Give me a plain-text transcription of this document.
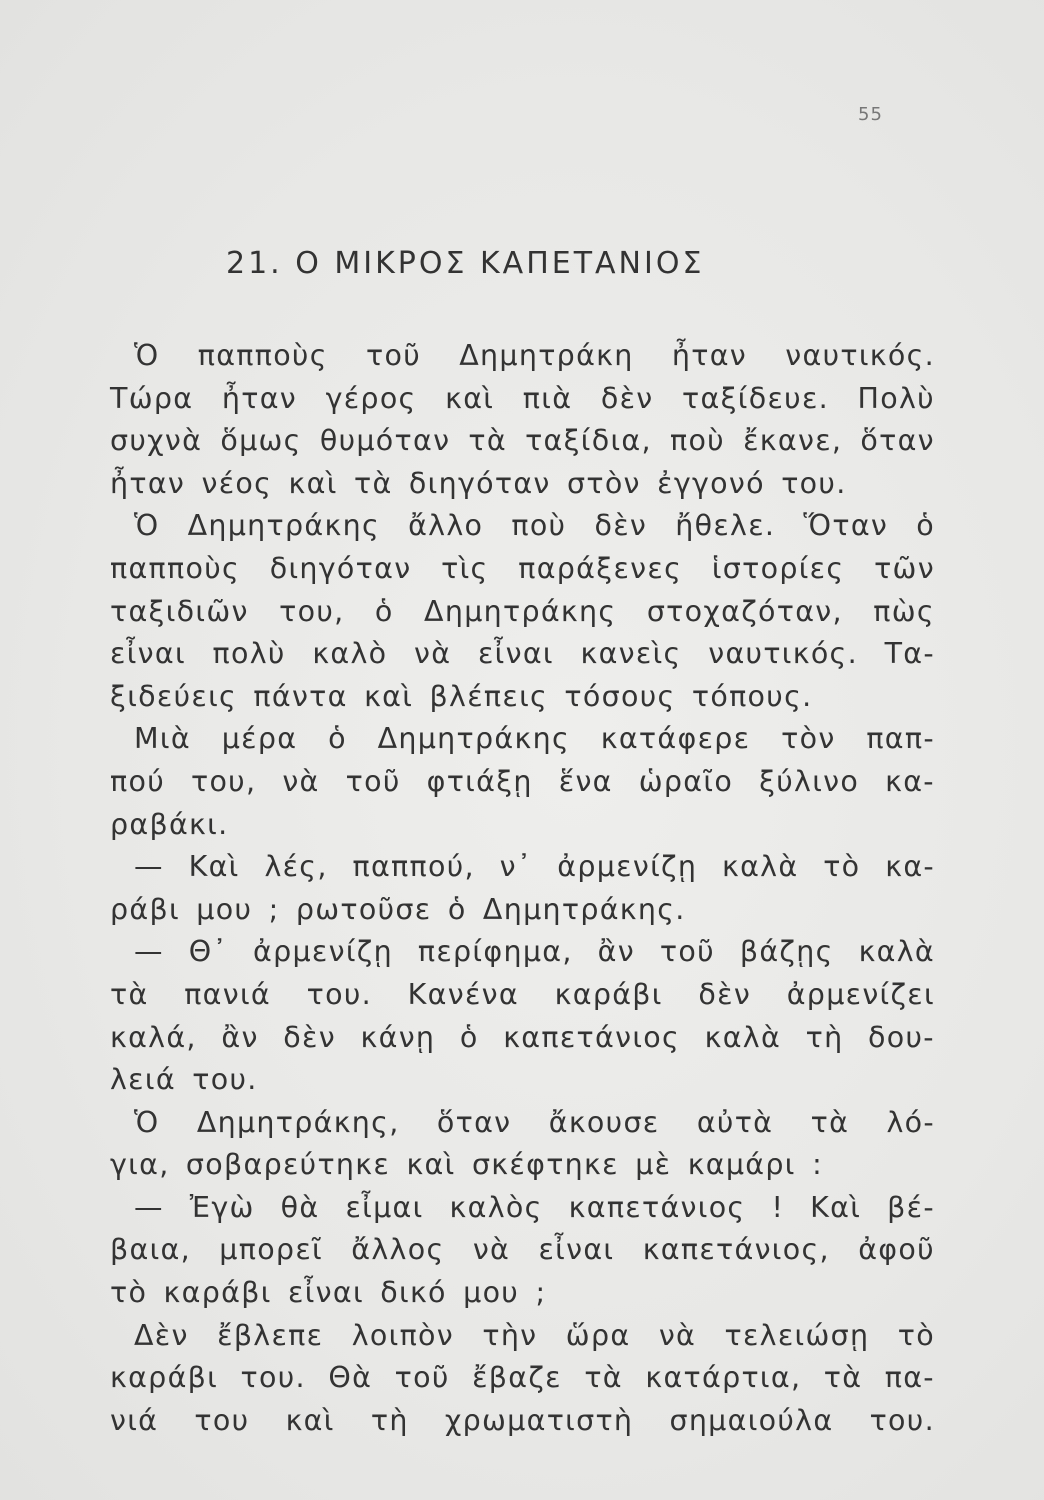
55
21. Ο ΜΙΚΡΟΣ ΚΑΠΕΤΑΝΙΟΣ
Ὁ παπποὺς τοῦ Δημητράκη ἦταν ναυτικός.
Τώρα ἦταν γέρος καὶ πιὰ δὲν ταξίδευε. Πολὺ
συχνὰ ὅμως θυμόταν τὰ ταξίδια, ποὺ ἔκανε, ὅταν
ἦταν νέος καὶ τὰ διηγόταν στὸν ἐγγονό του.
Ὁ Δημητράκης ἄλλο ποὺ δὲν ἤθελε. Ὅταν ὁ
παπποὺς διηγόταν τὶς παράξενες ἱστορίες τῶν
ταξιδιῶν του, ὁ Δημητράκης στοχαζόταν, πὼς
εἶναι πολὺ καλὸ νὰ εἶναι κανεὶς ναυτικός. Τα-
ξιδεύεις πάντα καὶ βλέπεις τόσους τόπους.
Μιὰ μέρα ὁ Δημητράκης κατάφερε τὸν παπ-
πού του, νὰ τοῦ φτιάξῃ ἕνα ὡραῖο ξύλινο κα-
ραβάκι.
— Καὶ λές, παππού, ν᾿ ἀρμενίζῃ καλὰ τὸ κα-
ράβι μου ; ρωτοῦσε ὁ Δημητράκης.
— Θ᾿ ἀρμενίζῃ περίφημα, ἂν τοῦ βάζῃς καλὰ
τὰ πανιά του. Κανένα καράβι δὲν ἀρμενίζει
καλά, ἂν δὲν κάνῃ ὁ καπετάνιος καλὰ τὴ δου-
λειά του.
Ὁ Δημητράκης, ὅταν ἄκουσε αὐτὰ τὰ λό-
για, σοβαρεύτηκε καὶ σκέφτηκε μὲ καμάρι :
— Ἐγὼ θὰ εἶμαι καλὸς καπετάνιος ! Καὶ βέ-
βαια, μπορεῖ ἄλλος νὰ εἶναι καπετάνιος, ἀφοῦ
τὸ καράβι εἶναι δικό μου ;
Δὲν ἔβλεπε λοιπὸν τὴν ὥρα νὰ τελειώσῃ τὸ
καράβι του. Θὰ τοῦ ἔβαζε τὰ κατάρτια, τὰ πα-
νιά του καὶ τὴ χρωματιστὴ σημαιούλα του.
